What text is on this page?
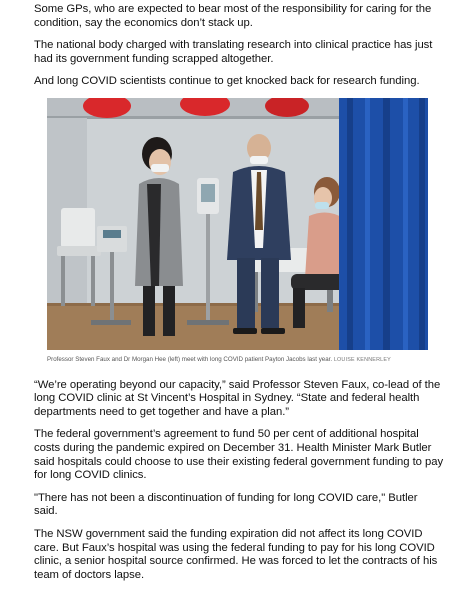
Some GPs, who are expected to bear most of the responsibility for caring for the condition, say the economics don’t stack up.

The national body charged with translating research into clinical practice has just had its government funding scrapped altogether.

And long COVID scientists continue to get knocked back for research funding.

Professor Steven Faux and Dr Morgan Hee (left) meet with long COVID patient Payton Jacobs last year. LOUISE KENNERLEY

“We’re operating beyond our capacity,” said Professor Steven Faux, co-lead of the long COVID clinic at St Vincent’s Hospital in Sydney. “State and federal health departments need to get together and have a plan.”

The federal government’s agreement to fund 50 per cent of additional hospital costs during the pandemic expired on December 31. Health Minister Mark Butler said hospitals could choose to use their existing federal government funding to pay for long COVID clinics.

"There has not been a discontinuation of funding for long COVID care," Butler said.

The NSW government said the funding expiration did not affect its long COVID care. But Faux’s hospital was using the federal funding to pay for his long COVID clinic, a senior hospital source confirmed. He was forced to let the contracts of his team of doctors lapse.
